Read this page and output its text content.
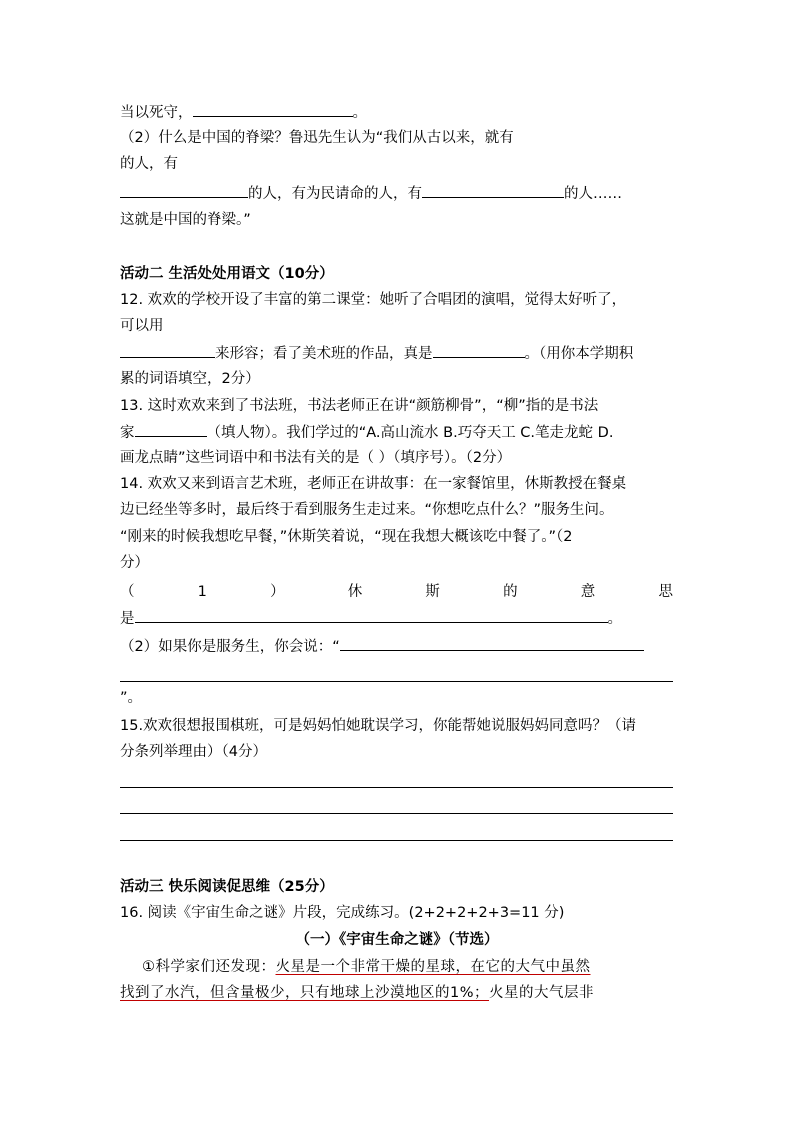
当以死守，	。
（2）什么是中国的脊梁？鲁迅先生认为“我们从古以来，就有
的人，有
的人，有为民请命的人，有	的人……
这就是中国的脊梁。”
活动二 生活处处用语文（10分）
12. 欢欢的学校开设了丰富的第二课堂：她听了合唱团的演唱，觉得太好听了，
可以用
来形容；看了美术班的作品，真是	。（用你本学期积
累的词语填空，2分）
13. 这时欢欢来到了书法班，书法老师正在讲“颜筋柳骨”，“柳”指的是书法
家	（填人物）。我们学过的“A.高山流水 B.巧夺天工 C.笔走龙蛇 D.
画龙点睛”这些词语中和书法有关的是（ ）（填序号）。（2分）
14. 欢欢又来到语言艺术班，老师正在讲故事：在一家餐馆里，休斯教授在餐桌
边已经坐等多时，最后终于看到服务生走过来。“你想吃点什么？”服务生问。
“刚来的时候我想吃早餐，”休斯笑着说，“现在我想大概该吃中餐了。”（2
分）
（	1	）	休	斯	的	意	思
是	。
（2）如果你是服务生，你会说：“
”。
15.欢欢很想报围棋班，可是妈妈怕她耽误学习，你能帮她说服妈妈同意吗？（请
分条列举理由）（4分）
活动三 快乐阅读促思维（25分）
16. 阅读《宇宙生命之谜》片段，完成练习。(2+2+2+2+3=11 分)
（一）《宇宙生命之谜》（节选）
①科学家们还发现：火星是一个非常干燥的星球，在它的大气中虽然
找到了水汽，但含量极少，只有地球上沙漠地区的1%；火星的大气层非
